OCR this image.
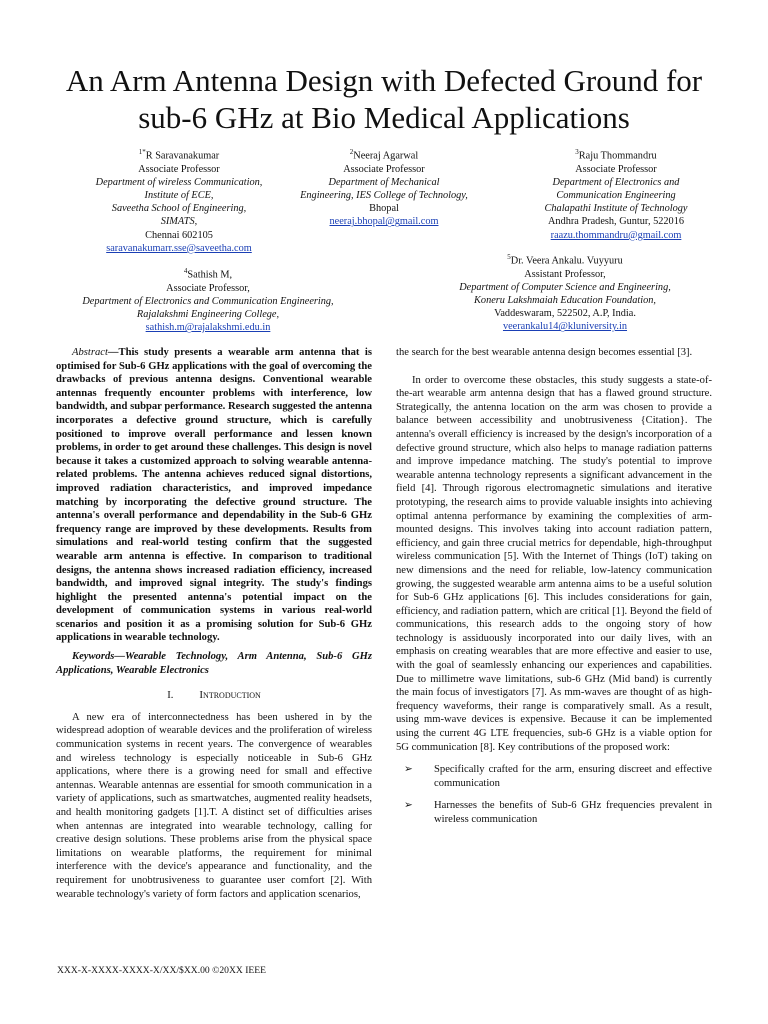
An Arm Antenna Design with Defected Ground for
sub-6 GHz at Bio Medical Applications
$^{1*}$R Saravanakumar
Associate Professor
Department of wireless Communication,
Institute of ECE,
Saveetha School of Engineering,
SIMATS,
Chennai 602105
saravanakumarr.sse@saveetha.com
$^2$Neeraj Agarwal
Associate Professor
Department of Mechanical
Engineering, IES College of Technology,
Bhopal
neeraj.bhopal@gmail.com
$^3$Raju Thommandru
Associate Professor
Department of Electronics and
Communication Engineering
Chalapathi Institute of Technology
Andhra Pradesh, Guntur, 522016
raazu.thommandru@gmail.com
$^4$Sathish M,
Associate Professor,
Department of Electronics and Communication Engineering,
Rajalakshmi Engineering College,
sathish.m@rajalakshmi.edu.in
$^5$Dr. Veera Ankalu. Vuyyuru
Assistant Professor,
Department of Computer Science and Engineering,
Koneru Lakshmaiah Education Foundation,
Vaddeswaram, 522502, A.P, India.
veerankalu14@kluniversity.in

Abstract—This study presents a wearable arm antenna that is optimised for Sub-6 GHz applications with the goal of overcoming the drawbacks of previous antenna designs. Conventional wearable antennas frequently encounter problems with interference, low bandwidth, and subpar performance. Research suggested the antenna incorporates a defective ground structure, which is carefully positioned to improve overall performance and lessen known problems, in order to get around these challenges. This design is novel because it takes a customized approach to solving wearable antenna-related problems. The antenna achieves reduced signal distortions, improved radiation characteristics, and improved impedance matching by incorporating the defective ground structure. The antenna's overall performance and dependability in the Sub-6 GHz frequency range are improved by these developments. Results from simulations and real-world testing confirm that the suggested wearable arm antenna is effective. In comparison to traditional designs, the antenna shows increased radiation efficiency, increased bandwidth, and improved signal integrity. The study's findings highlight the presented antenna's potential impact on the development of communication systems in various real-world scenarios and position it as a promising solution for Sub-6 GHz applications in wearable technology.

Keywords—Wearable Technology, Arm Antenna, Sub-6 GHz Applications, Wearable Electronics

I. Introduction

A new era of interconnectedness has been ushered in by the widespread adoption of wearable devices and the proliferation of wireless communication systems in recent years. The convergence of wearables and wireless technology is especially noticeable in Sub-6 GHz applications, where there is a growing need for small and effective antennas. Wearable antennas are essential for smooth communication in a variety of applications, such as smartwatches, augmented reality headsets, and health monitoring gadgets [1].T. A distinct set of difficulties arises when antennas are integrated into wearable technology, calling for creative design solutions. These problems arise from the physical space limitations on wearable platforms, the requirement for minimal interference with the device's appearance and functionality, and the requirement for unobtrusiveness to guarantee user comfort [2]. With wearable technology's variety of form factors and application scenarios,

the search for the best wearable antenna design becomes essential [3].

In order to overcome these obstacles, this study suggests a state-of-the-art wearable arm antenna design that has a flawed ground structure. Strategically, the antenna location on the arm was chosen to provide a balance between accessibility and unobtrusiveness {Citation}. The antenna's overall efficiency is increased by the design's incorporation of a defective ground structure, which also helps to manage radiation patterns and improve impedance matching. The study's potential to improve wearable antenna technology represents a significant advancement in the field [4]. Through rigorous electromagnetic simulations and iterative prototyping, the research aims to provide valuable insights into achieving optimal antenna performance by examining the complexities of arm-mounted designs. This involves taking into account radiation pattern, efficiency, and gain three crucial metrics for dependable, high-throughput wireless communication [5]. With the Internet of Things (IoT) taking on new dimensions and the need for reliable, low-latency communication growing, the suggested wearable arm antenna aims to be a useful solution for Sub-6 GHz applications [6]. This includes considerations for gain, efficiency, and radiation pattern, which are critical [1]. Beyond the field of communications, this research adds to the ongoing story of how technology is assiduously incorporated into our daily lives, with an emphasis on creating wearables that are more effective and easier to use, with the goal of seamlessly enhancing our experiences and capabilities. Due to millimetre wave limitations, sub-6 GHz (Mid band) is currently the main focus of investigators [7]. As mm-waves are thought of as high-frequency waveforms, their range is comparatively small. As a result, using mm-wave devices is expensive. Because it can be implemented using the current 4G LTE frequencies, sub-6 GHz is a viable option for 5G communication [8]. Key contributions of the proposed work:

➢	Specifically crafted for the arm, ensuring discreet and effective communication

➢	Harnesses the benefits of Sub-6 GHz frequencies prevalent in wireless communication

XXX-X-XXXX-XXXX-X/XX/$XX.00 ©20XX IEEE
